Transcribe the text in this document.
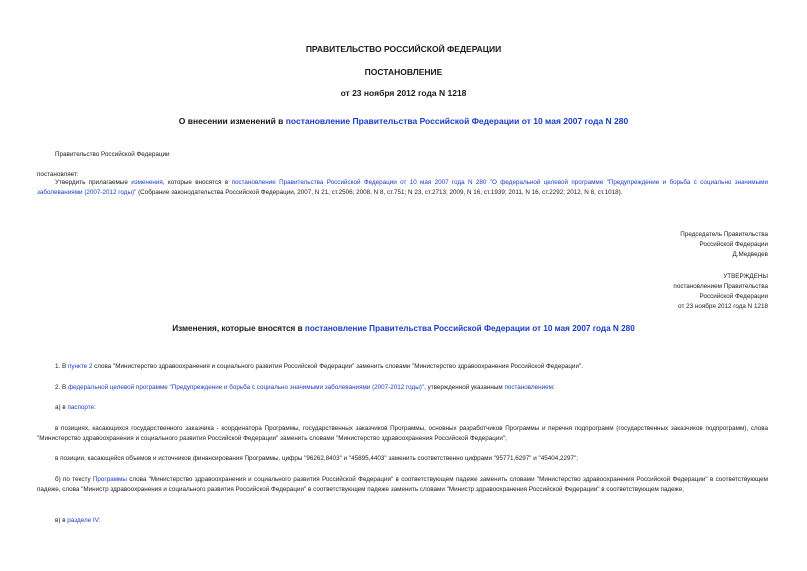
ПРАВИТЕЛЬСТВО РОССИЙСКОЙ ФЕДЕРАЦИИ
ПОСТАНОВЛЕНИЕ
от 23 ноября 2012 года N 1218
О внесении изменений в постановление Правительства Российской Федерации от 10 мая 2007 года N 280
Правительство Российской Федерации
постановляет:
Утвердить прилагаемые изменения, которые вносятся в постановление Правительства Российской Федерации от 10 мая 2007 года N 280 "О федеральной целевой программе "Предупреждение и борьба с социально значимыми заболеваниями (2007-2012 годы)" (Собрание законодательства Российской Федерации, 2007, N 21, ст.2506; 2008, N 8, ст.751; N 23, ст.2713; 2009, N 16, ст.1939; 2011, N 16, ст.2292; 2012, N 8, ст.1018).
Председатель Правительства
Российской Федерации
Д.Медведев
УТВЕРЖДЕНЫ
постановлением Правительства
Российской Федерации
от 23 ноября 2012 года N 1218
Изменения, которые вносятся в постановление Правительства Российской Федерации от 10 мая 2007 года N 280
1. В пункте 2 слова "Министерство здравоохранения и социального развития Российской Федерации" заменить словами "Министерство здравоохранения Российской Федерации".
2. В федеральной целевой программе "Предупреждение и борьба с социально значимыми заболеваниями (2007-2012 годы)", утвержденной указанным постановлением:
а) в паспорте:
в позициях, касающихся государственного заказчика - координатора Программы, государственных заказчиков Программы, основных разработчиков Программы и перечня подпрограмм (государственных заказчиков подпрограмм), слова "Министерство здравоохранения и социального развития Российской Федерации" заменить словами "Министерство здравоохранения Российской Федерации";
в позиции, касающейся объемов и источников финансирования Программы, цифры "96262,8403" и "45895,4403" заменить соответственно цифрами "95771,6297" и "45404,2297";
б) по тексту Программы слова "Министерство здравоохранения и социального развития Российской Федерации" в соответствующем падеже заменить словами "Министерство здравоохранения Российской Федерации" в соответствующем падеже, слова "Министр здравоохранения и социального развития Российской Федерации" в соответствующем падеже заменить словами "Министр здравоохранения Российской Федерации" в соответствующем падеже;
в) в разделе IV:
